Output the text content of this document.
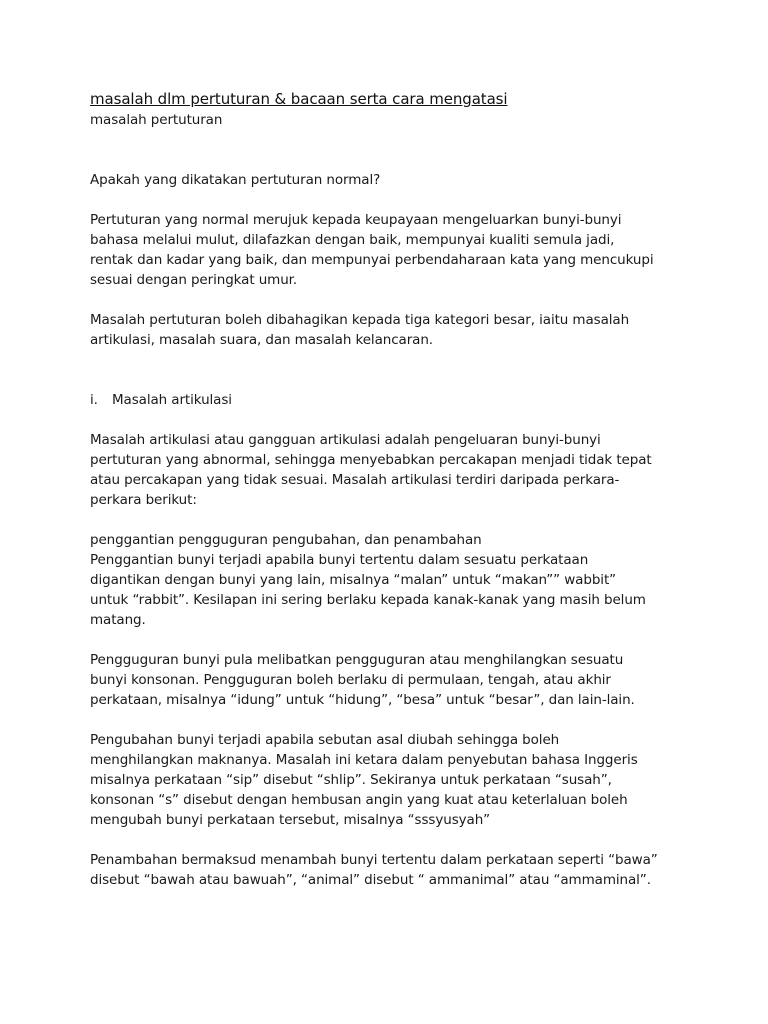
masalah dlm pertuturan & bacaan serta cara mengatasi

masalah pertuturan

Apakah yang dikatakan pertuturan normal?

Pertuturan yang normal merujuk kepada keupayaan mengeluarkan bunyi-bunyi
bahasa melalui mulut, dilafazkan dengan baik, mempunyai kualiti semula jadi,
rentak dan kadar yang baik, dan mempunyai perbendaharaan kata yang mencukupi
sesuai dengan peringkat umur.

Masalah pertuturan boleh dibahagikan kepada tiga kategori besar, iaitu masalah
artikulasi, masalah suara, dan masalah kelancaran.

i.	Masalah artikulasi

Masalah artikulasi atau gangguan artikulasi adalah pengeluaran bunyi-bunyi
pertuturan yang abnormal, sehingga menyebabkan percakapan menjadi tidak tepat
atau percakapan yang tidak sesuai. Masalah artikulasi terdiri daripada perkara-
perkara berikut:

penggantian pengguguran pengubahan, dan penambahan
Penggantian bunyi terjadi apabila bunyi tertentu dalam sesuatu perkataan
digantikan dengan bunyi yang lain, misalnya “malan” untuk “makan”” wabbit”
untuk “rabbit”. Kesilapan ini sering berlaku kepada kanak-kanak yang masih belum
matang.

Pengguguran bunyi pula melibatkan pengguguran atau menghilangkan sesuatu
bunyi konsonan. Pengguguran boleh berlaku di permulaan, tengah, atau akhir
perkataan, misalnya “idung” untuk “hidung”, “besa” untuk “besar”, dan lain-lain.

Pengubahan bunyi terjadi apabila sebutan asal diubah sehingga boleh
menghilangkan maknanya. Masalah ini ketara dalam penyebutan bahasa Inggeris
misalnya perkataan “sip” disebut “shlip”. Sekiranya untuk perkataan “susah”,
konsonan “s” disebut dengan hembusan angin yang kuat atau keterlaluan boleh
mengubah bunyi perkataan tersebut, misalnya “sssyusyah”

Penambahan bermaksud menambah bunyi tertentu dalam perkataan seperti “bawa”
disebut “bawah atau bawuah”, “animal” disebut “ ammanimal” atau “ammaminal”.
